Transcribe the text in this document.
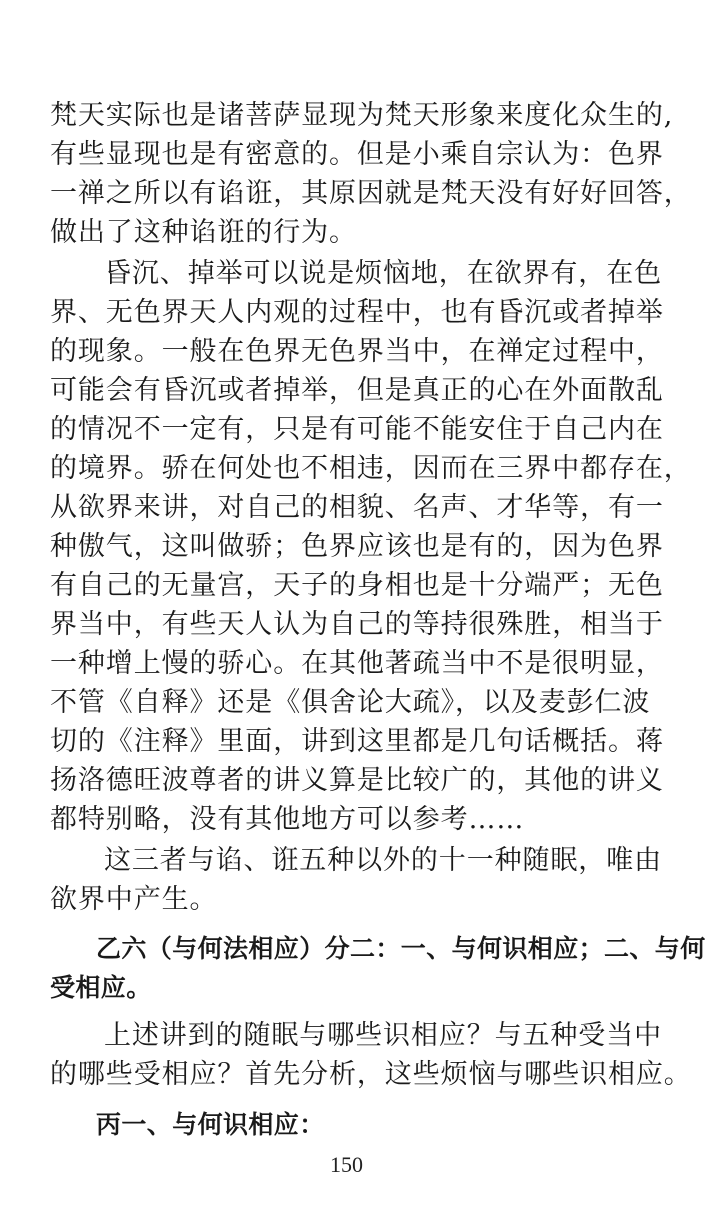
梵天实际也是诸菩萨显现为梵天形象来度化众生的,
有些显现也是有密意的。但是小乘自宗认为：色界
一禅之所以有谄诳，其原因就是梵天没有好好回答，
做出了这种谄诳的行为。
昏沉、掉举可以说是烦恼地，在欲界有，在色
界、无色界天人内观的过程中，也有昏沉或者掉举
的现象。一般在色界无色界当中，在禅定过程中，
可能会有昏沉或者掉举，但是真正的心在外面散乱
的情况不一定有，只是有可能不能安住于自己内在
的境界。骄在何处也不相违，因而在三界中都存在，
从欲界来讲，对自己的相貌、名声、才华等，有一
种傲气，这叫做骄；色界应该也是有的，因为色界
有自己的无量宫，天子的身相也是十分端严；无色
界当中，有些天人认为自己的等持很殊胜，相当于
一种增上慢的骄心。在其他著疏当中不是很明显，
不管《自释》还是《俱舍论大疏》，以及麦彭仁波
切的《注释》里面，讲到这里都是几句话概括。蒋
扬洛德旺波尊者的讲义算是比较广的，其他的讲义
都特别略，没有其他地方可以参考……
这三者与谄、诳五种以外的十一种随眠，唯由
欲界中产生。
乙六（与何法相应）分二：一、与何识相应；二、与何
受相应。
上述讲到的随眠与哪些识相应？与五种受当中
的哪些受相应？首先分析，这些烦恼与哪些识相应。
丙一、与何识相应：
150
